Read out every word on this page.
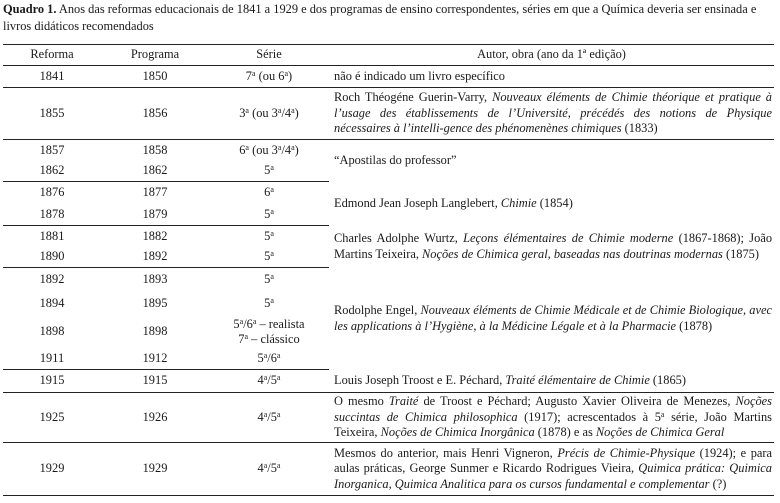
Quadro 1. Anos das reformas educacionais de 1841 a 1929 e dos programas de ensino correspondentes, séries em que a Química deveria ser ensinada e livros didáticos recomendados
Reforma	Programa	Série	Autor, obra (ano da 1ª edição)
1841	1850	7$^a$ (ou 6$^a$)	não é indicado um livro específico
1855	1856	3$^a$ (ou 3$^a$/4$^a$)	Roch Théogéne Guerin-Varry, Nouveaux éléments de Chimie théorique et pratique à l’usage des établissements de l’Université, précédés des notions de Physique nécessaires à l’intelli-gence des phénomenènes chimiques (1833)
1857	1858	6$^a$ (ou 3$^a$/4$^a$)	“Apostilas do professor”
1862	1862	5$^a$
1876	1877	6$^a$	Edmond Jean Joseph Langlebert, Chimie (1854)
1878	1879	5$^a$
1881	1882	5$^a$	Charles Adolphe Wurtz, Leçons élémentaires de Chimie moderne (1867-1868); João Martins Teixeira, Noções de Chimica geral, baseadas nas doutrinas modernas (1875)
1890	1892	5$^a$
1892	1893	5$^a$	Rodolphe Engel, Nouveaux éléments de Chimie Médicale et de Chimie Biologique, avec les applications à l’Hygiène, à la Médicine Légale et à la Pharmacie (1878)
1894	1895	5$^a$
1898	1898	5$^a$/6$^a$ – realista
7$^a$ – clássico	
1911	1912	5$^a$/6$^a$
1915	1915	4$^a$/5$^a$	Louis Joseph Troost e E. Péchard, Traité élémentaire de Chimie (1865)
1925	1926	4$^a$/5$^a$	O mesmo Traité de Troost e Péchard; Augusto Xavier Oliveira de Menezes, Noções succintas de Chimica philosophica (1917); acrescentados à 5$^a$ série, João Martins Teixeira, Noções de Chimica Inorgânica (1878) e as Noções de Chimica Geral
1929	1929	4$^a$/5$^a$	Mesmos do anterior, mais Henri Vigneron, Précis de Chimie-Physique (1924); e para aulas práticas, George Sunmer e Ricardo Rodrigues Vieira, Quimica prática: Quimica Inorganica, Quimica Analitica para os cursos fundamental e complementar (?)
